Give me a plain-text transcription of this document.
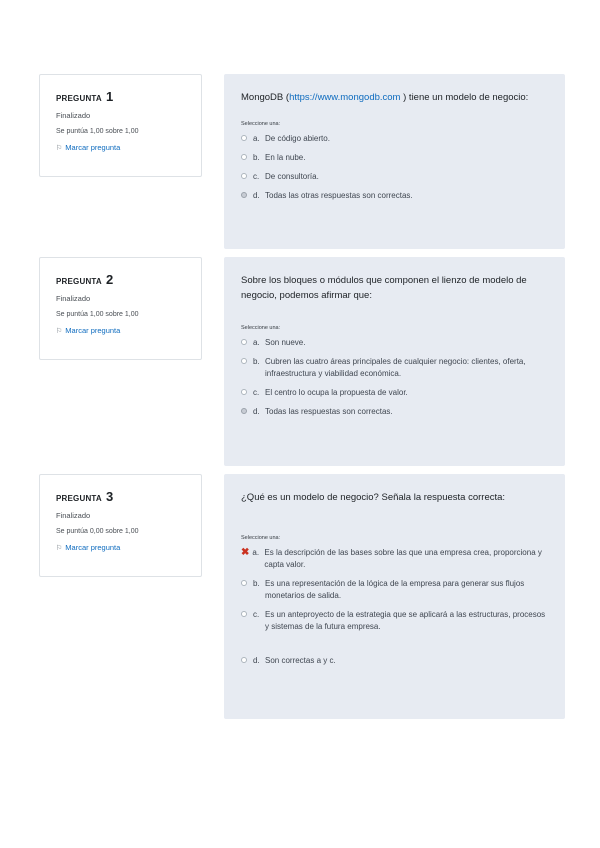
PREGUNTA 1
Finalizado
Se puntúa 1,00 sobre 1,00
⚐ Marcar pregunta
MongoDB (https://www.mongodb.com ) tiene un modelo de negocio:
Seleccione una:
a. De código abierto.
b. En la nube.
c. De consultoría.
d. Todas las otras respuestas son correctas.
PREGUNTA 2
Finalizado
Se puntúa 1,00 sobre 1,00
⚐ Marcar pregunta
Sobre los bloques o módulos que componen el lienzo de modelo de negocio, podemos afirmar que:
Seleccione una:
a. Son nueve.
b. Cubren las cuatro áreas principales de cualquier negocio: clientes, oferta, infraestructura y viabilidad económica.
c. El centro lo ocupa la propuesta de valor.
d. Todas las respuestas son correctas.
PREGUNTA 3
Finalizado
Se puntúa 0,00 sobre 1,00
⚐ Marcar pregunta
¿Qué es un modelo de negocio? Señala la respuesta correcta:
Seleccione una:
✖ a. Es la descripción de las bases sobre las que una empresa crea, proporciona y capta valor.
b. Es una representación de la lógica de la empresa para generar sus flujos monetarios de salida.
c. Es un anteproyecto de la estrategia que se aplicará a las estructuras, procesos y sistemas de la futura empresa.
d. Son correctas a y c.
